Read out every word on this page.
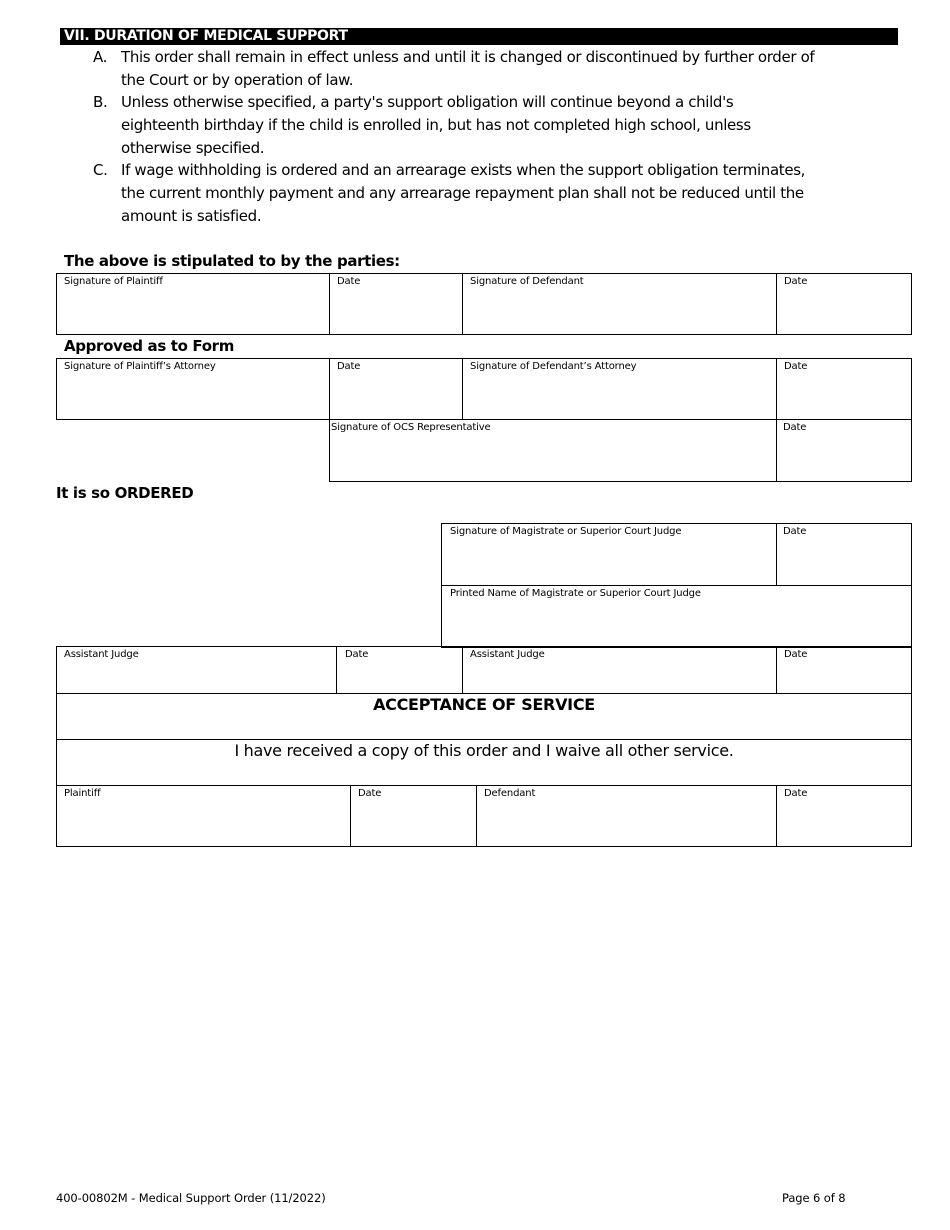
VII. DURATION OF MEDICAL SUPPORT
A. This order shall remain in effect unless and until it is changed or discontinued by further order of
the Court or by operation of law.
B. Unless otherwise specified, a party's support obligation will continue beyond a child's
eighteenth birthday if the child is enrolled in, but has not completed high school, unless
otherwise specified.
C. If wage withholding is ordered and an arrearage exists when the support obligation terminates,
the current monthly payment and any arrearage repayment plan shall not be reduced until the
amount is satisfied.
The above is stipulated to by the parties:
Signature of Plaintiff	Date	Signature of Defendant	Date
Approved as to Form
Signature of Plaintiff’s Attorney	Date	Signature of Defendant’s Attorney	Date
Signature of OCS Representative	Date
It is so ORDERED
Signature of Magistrate or Superior Court Judge	Date
Printed Name of Magistrate or Superior Court Judge
Assistant Judge	Date	Assistant Judge	Date
ACCEPTANCE OF SERVICE
I have received a copy of this order and I waive all other service.
Plaintiff	Date	Defendant	Date
400-00802M - Medical Support Order (11/2022)	Page 6 of 8
